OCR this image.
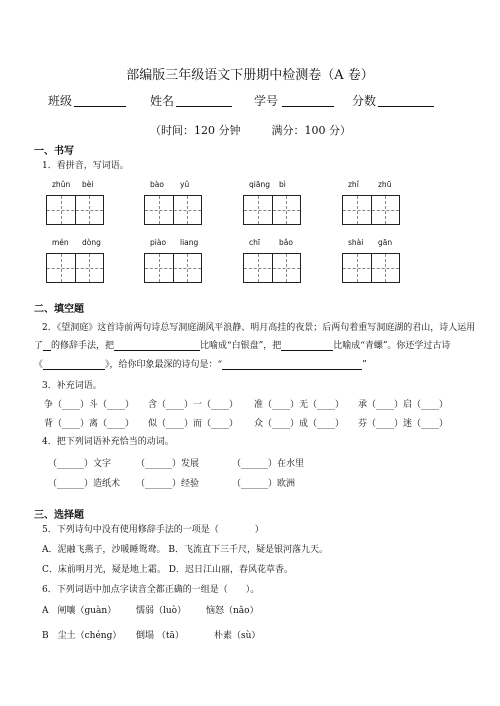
部编版三年级语文下册期中检测卷（A 卷）
班级	姓名	学号	分数
（时间：120 分钟	满分：100 分）
一、书写
1．看拼音，写词语。
zhǔn bèi	bào yǔ	qiāng bì	zhǐ	zhū
mén dòng	piào liang	chī	bǎo	shài gān
二、填空题
2．《望洞庭》这首诗前两句诗总写洞庭湖风平浪静、明月高挂的夜景；后两句着重写洞庭湖的君山，诗人运用
了 的修辞手法，把	比喻成“白银盘”，把	比喻成“青螺”。你还学过古诗
《	》，给你印象最深的诗句是：“	”
3．补充词语。
争（____）斗（____） 含（____）一（____） 准（____）无（____） 承（____）启（____）
背（____）离（____） 似（____）而（____） 众（____）成（____） 芬（____）迷（____）
4．把下列词语补充恰当的动词。
（______）文字	（______）发展	（______）在水里
（______）造纸术 （______）经验	（______）欧洲
三、选择题
5．下列诗句中没有使用修辞手法的一项是（　　　　）
A．泥融飞燕子，沙暖睡鸳鸯。 B．飞流直下三千尺，疑是银河落九天。
C．床前明月光，疑是地上霜。 D．迟日江山丽，春风花草香。
6．下列词语中加点字读音全都正确的一组是（　　）。
A　闸嚷（guàn） 懦弱（luò） 恼怒（nǎo）
B　尘土（chéng） 倒塌 （tā）	朴素（sù）
